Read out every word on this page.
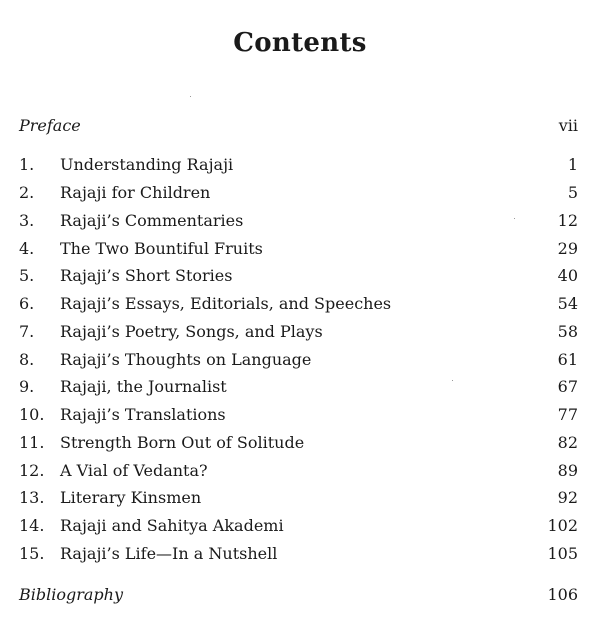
Contents
Preface	vii
1. Understanding Rajaji	1
2. Rajaji for Children	5
3. Rajaji’s Commentaries	12
4. The Two Bountiful Fruits	29
5. Rajaji’s Short Stories	40
6. Rajaji’s Essays, Editorials, and Speeches	54
7. Rajaji’s Poetry, Songs, and Plays	58
8. Rajaji’s Thoughts on Language	61
9. Rajaji, the Journalist	67
10. Rajaji’s Translations	77
11. Strength Born Out of Solitude	82
12. A Vial of Vedanta?	89
13. Literary Kinsmen	92
14. Rajaji and Sahitya Akademi	102
15. Rajaji’s Life—In a Nutshell	105
Bibliography	106
